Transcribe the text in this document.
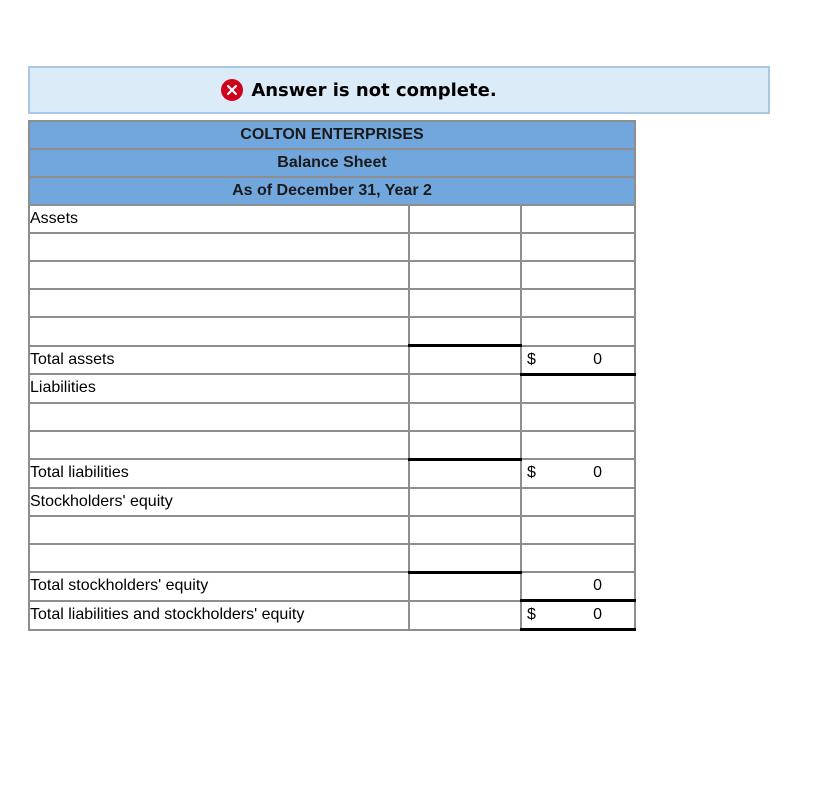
Answer is not complete.
COLTON ENTERPRISES		
Balance Sheet		
As of December 31, Year 2		
Assets		

Total assets		$ 0

Liabilities		

Total liabilities		$ 0

Stockholders' equity		

Total stockholders' equity		0

Total liabilities and stockholders' equity		$ 0
